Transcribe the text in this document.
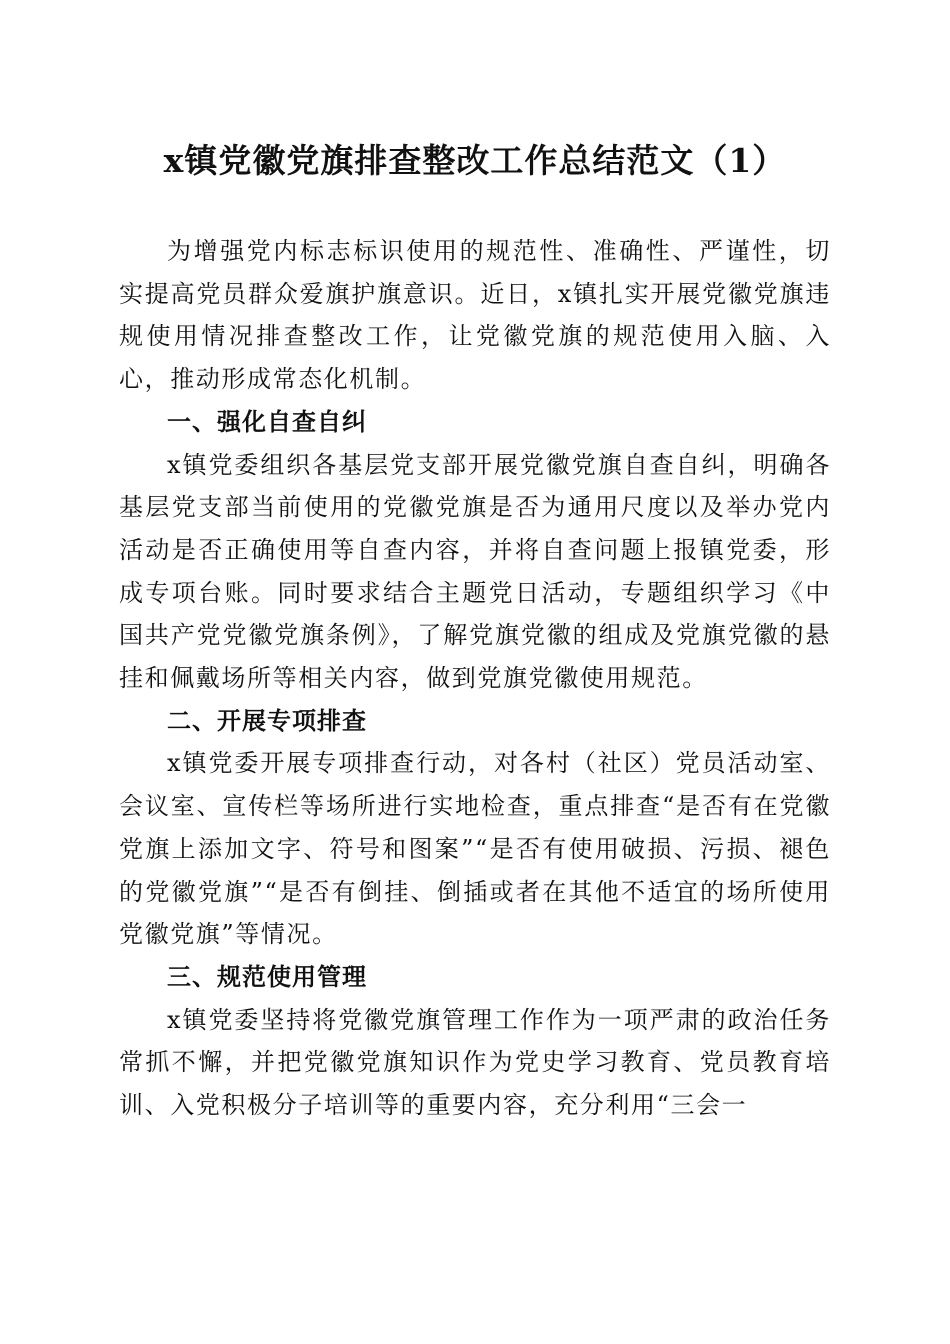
x镇党徽党旗排查整改工作总结范文（1）

为增强党内标志标识使用的规范性、准确性、严谨性，切实提高党员群众爱旗护旗意识。近日，x镇扎实开展党徽党旗违规使用情况排查整改工作，让党徽党旗的规范使用入脑、入心，推动形成常态化机制。

一、强化自查自纠

x镇党委组织各基层党支部开展党徽党旗自查自纠，明确各基层党支部当前使用的党徽党旗是否为通用尺度以及举办党内活动是否正确使用等自查内容，并将自查问题上报镇党委，形成专项台账。同时要求结合主题党日活动，专题组织学习《中国共产党党徽党旗条例》，了解党旗党徽的组成及党旗党徽的悬挂和佩戴场所等相关内容，做到党旗党徽使用规范。

二、开展专项排查

x镇党委开展专项排查行动，对各村（社区）党员活动室、会议室、宣传栏等场所进行实地检查，重点排查“是否有在党徽党旗上添加文字、符号和图案”“是否有使用破损、污损、褪色的党徽党旗”“是否有倒挂、倒插或者在其他不适宜的场所使用党徽党旗”等情况。

三、规范使用管理

x镇党委坚持将党徽党旗管理工作作为一项严肃的政治任务常抓不懈，并把党徽党旗知识作为党史学习教育、党员教育培训、入党积极分子培训等的重要内容，充分利用“三会一
